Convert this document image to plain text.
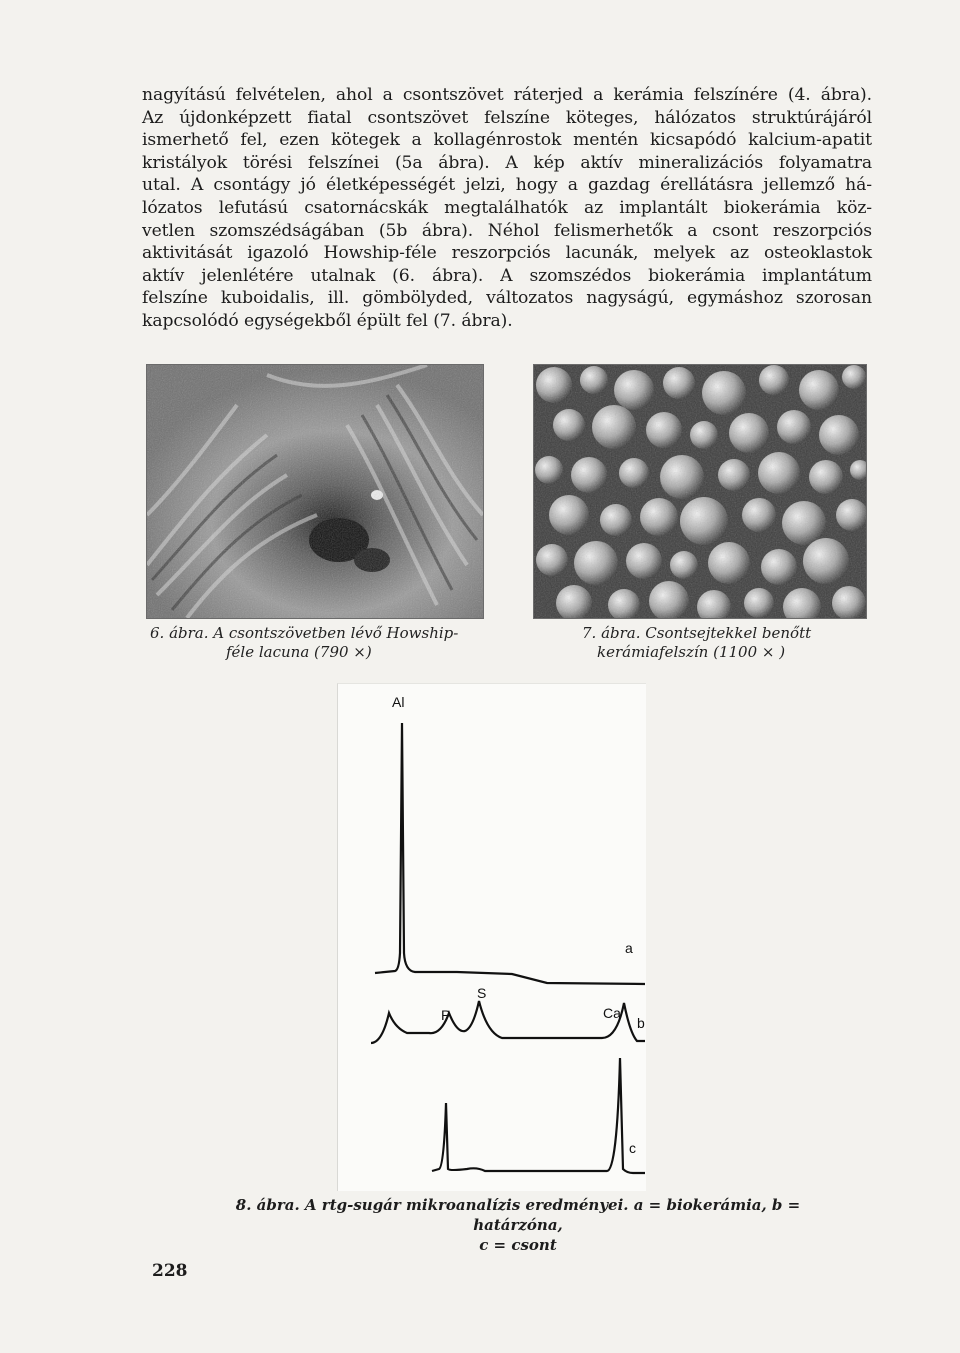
nagyítású felvételen, ahol a csontszövet ráterjed a kerámia felszínére (4. ábra).
Az újdonképzett fiatal csontszövet felszíne köteges, hálózatos struktúrájáról
ismerhető fel, ezen kötegek a kollagénrostok mentén kicsapódó kalcium-apatit
kristályok törési felszínei (5a ábra). A kép aktív mineralizációs folyamatra
utal. A csontágy jó életképességét jelzi, hogy a gazdag érellátásra jellemző há-
lózatos lefutású csatornácskák megtalálhatók az implantált biokerámia köz-
vetlen szomszédságában (5b ábra). Néhol felismerhetők a csont reszorpciós
aktivitását igazoló Howship-féle reszorpciós lacunák, melyek az osteoklastok
aktív jelenlétére utalnak (6. ábra). A szomszédos biokerámia implantátum
felszíne kuboidalis, ill. gömbölyded, változatos nagyságú, egymáshoz szorosan
kapcsolódó egységekből épült fel (7. ábra).
6. ábra. A csontszövetben lévő Howship-
féle lacuna (790 ×)
7. ábra. Csontsejtekkel benőtt
kerámiafelszín (1100 × )
Al
P
S
Ca
a
b
c
8. ábra. A rtg-sugár mikroanalízis eredményei. a = biokerámia, b = határzóna,
c = csont
228
